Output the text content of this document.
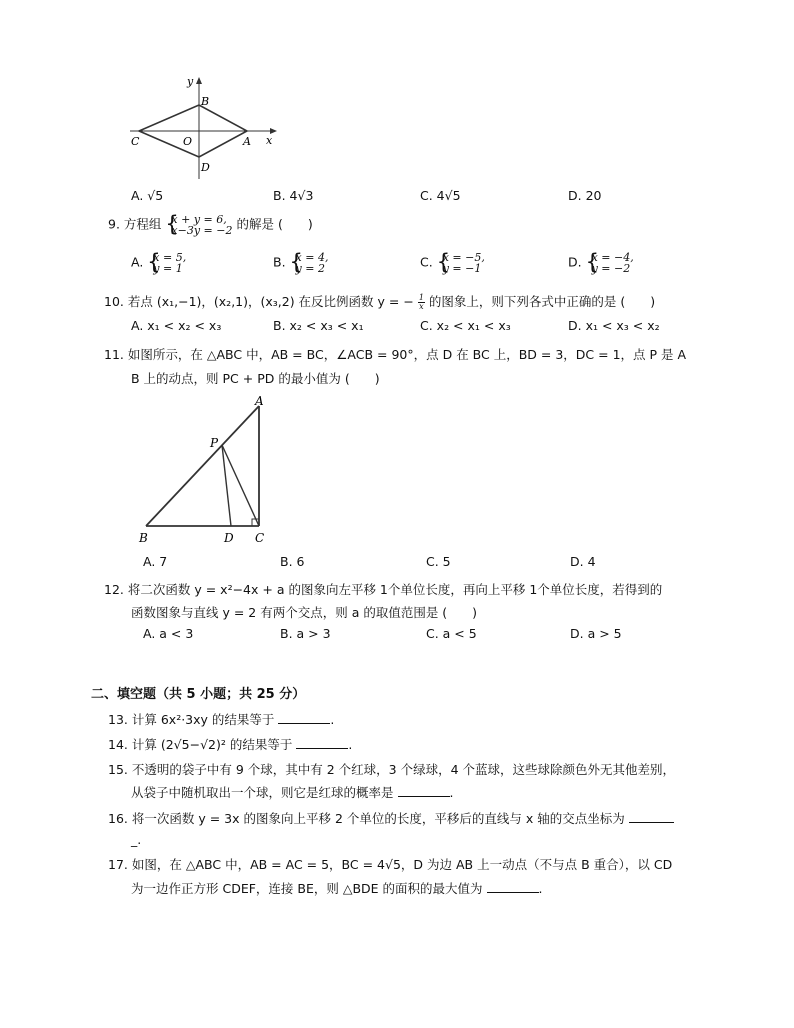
y
x
B
C	O	A
D
A. √5	B. 4√3	C. 4√5	D. 20
9. 方程组 {
x + y = 6,
x−3y = −2 的解是 (　　)
A. {
x = 5,
y = 1	B. {
x = 4,
y = 2	C. {
x = −5,
y = −1	D. {
x = −4,
y = −2
10. 若点 (x₁,−1)，(x₂,1)，(x₃,2) 在反比例函数 y = − $\frac{1}{x}$ 的图象上，则下列各式中正确的是 (　　)
A. x₁ < x₂ < x₃	B. x₂ < x₃ < x₁	C. x₂ < x₁ < x₃	D. x₁ < x₃ < x₂
11. 如图所示，在 △ABC 中，AB = BC，∠ACB = 90°，点 D 在 BC 上，BD = 3，DC = 1，点 P 是 A
B 上的动点，则 PC + PD 的最小值为 (　　)
A
P
B	D C
A. 7	B. 6	C. 5	D. 4
12. 将二次函数 y = x²−4x + a 的图象向左平移 1个单位长度，再向上平移 1个单位长度，若得到的
函数图象与直线 y = 2 有两个交点，则 a 的取值范围是 (　　)
A. a < 3	B. a > 3	C. a < 5	D. a > 5
二、填空题（共 5 小题；共 25 分）
13. 计算 6x²·3xy 的结果等于	.
14. 计算 (2√5−√2)² 的结果等于	.
15. 不透明的袋子中有 9 个球，其中有 2 个红球，3 个绿球，4 个蓝球，这些球除颜色外无其他差别，
从袋子中随机取出一个球，则它是红球的概率是	.
16. 将一次函数 y = 3x 的图象向上平移 2 个单位的长度，平移后的直线与 x 轴的交点坐标为
_.
17. 如图，在 △ABC 中，AB = AC = 5，BC = 4√5，D 为边 AB 上一动点（不与点 B 重合），以 CD
为一边作正方形 CDEF，连接 BE，则 △BDE 的面积的最大值为	.
